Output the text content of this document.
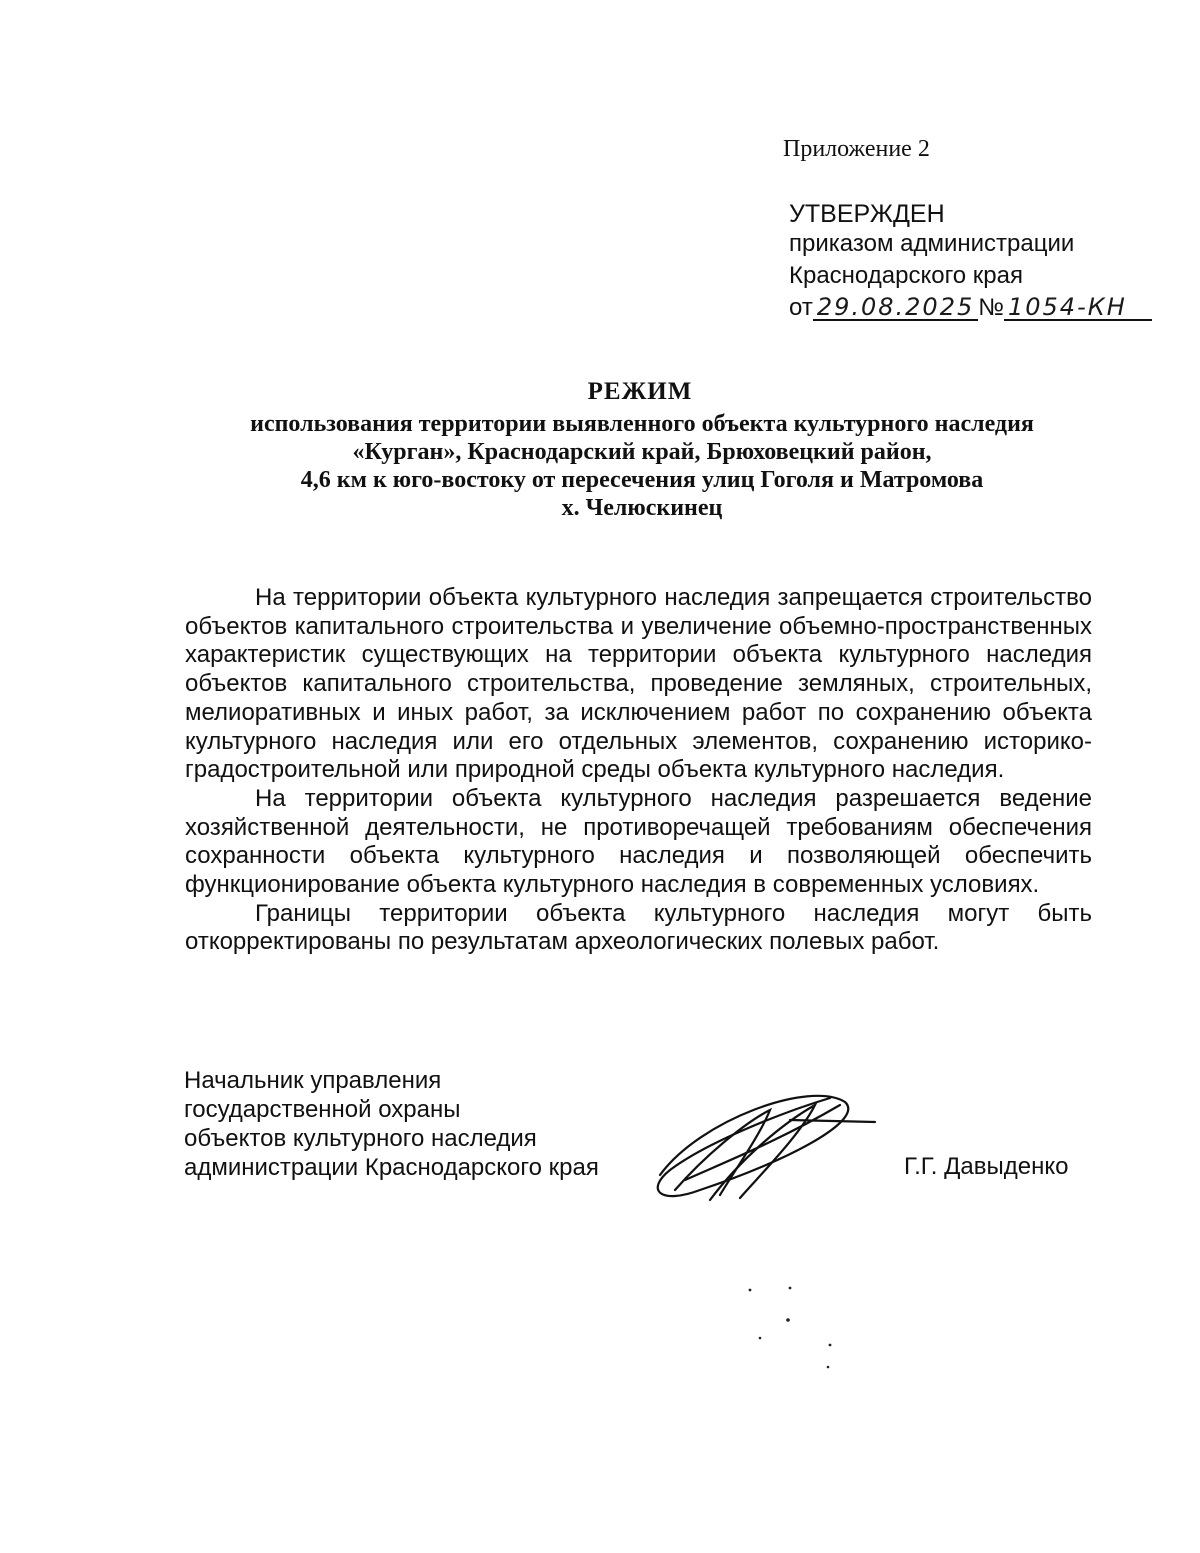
Приложение 2
УТВЕРЖДЕН
приказом администрации
Краснодарского края
от 29.08.2025 № 1054-КН
РЕЖИМ
использования территории выявленного объекта культурного наследия
«Курган», Краснодарский край, Брюховецкий район,
4,6 км к юго-востоку от пересечения улиц Гоголя и Матромова
х. Челюскинец

На территории объекта культурного наследия запрещается строительство объектов капитального строительства и увеличение объемно-пространственных характеристик существующих на территории объекта культурного наследия объектов капитального строительства, проведение земляных, строительных, мелиоративных и иных работ, за исключением работ по сохранению объекта культурного наследия или его отдельных элементов, сохранению историко-градостроительной или природной среды объекта культурного наследия.

На территории объекта культурного наследия разрешается ведение хозяйственной деятельности, не противоречащей требованиям обеспечения сохранности объекта культурного наследия и позволяющей обеспечить функционирование объекта культурного наследия в современных условиях.

Границы территории объекта культурного наследия могут быть откорректированы по результатам археологических полевых работ.

Начальник управления
государственной охраны
объектов культурного наследия
администрации Краснодарского края	Г.Г. Давыденко
